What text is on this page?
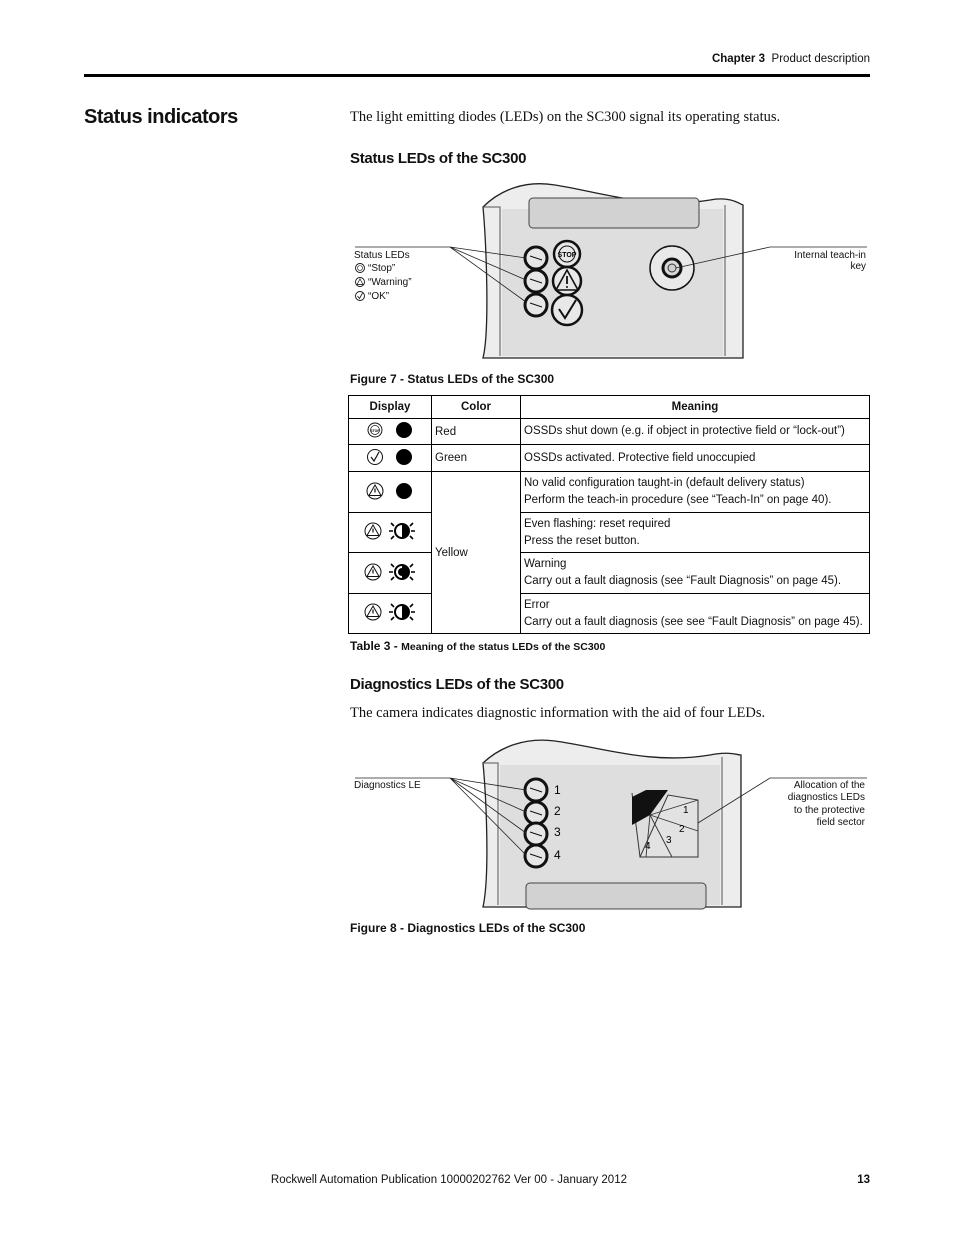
Chapter 3 Product description
Status indicators	The light emitting diodes (LEDs) on the SC300 signal its operating status.
Status LEDs of the SC300
STOP
Status LEDs
“Stop”
“Warning”
“OK”
Internal teach-in
key
Figure 7 - Status LEDs of the SC300
Display	Color	Meaning

STOP	Red	OSSDs shut down (e.g. if object in protective field or “lock-out”)

	Green	OSSDs activated. Protective field unoccupied

	Yellow	No valid configuration taught-in (default delivery status)
Perform the teach-in procedure (see “Teach-In” on page 40).

Even flashing: reset required
Press the reset button.

Warning
Carry out a fault diagnosis (see “Fault Diagnosis” on page 45).

Error
Carry out a fault diagnosis (see see “Fault Diagnosis” on page 45).
Table 3 - Meaning of the status LEDs of the SC300
Diagnostics LEDs of the SC300
The camera indicates diagnostic information with the aid of four LEDs.
1
2
3
4
1
2
3
4
Diagnostics LE	Allocation of the
diagnostics LEDs
to the protective
field sector
Figure 8 - Diagnostics LEDs of the SC300
Rockwell Automation Publication 10000202762 Ver 00 - January 2012	13
